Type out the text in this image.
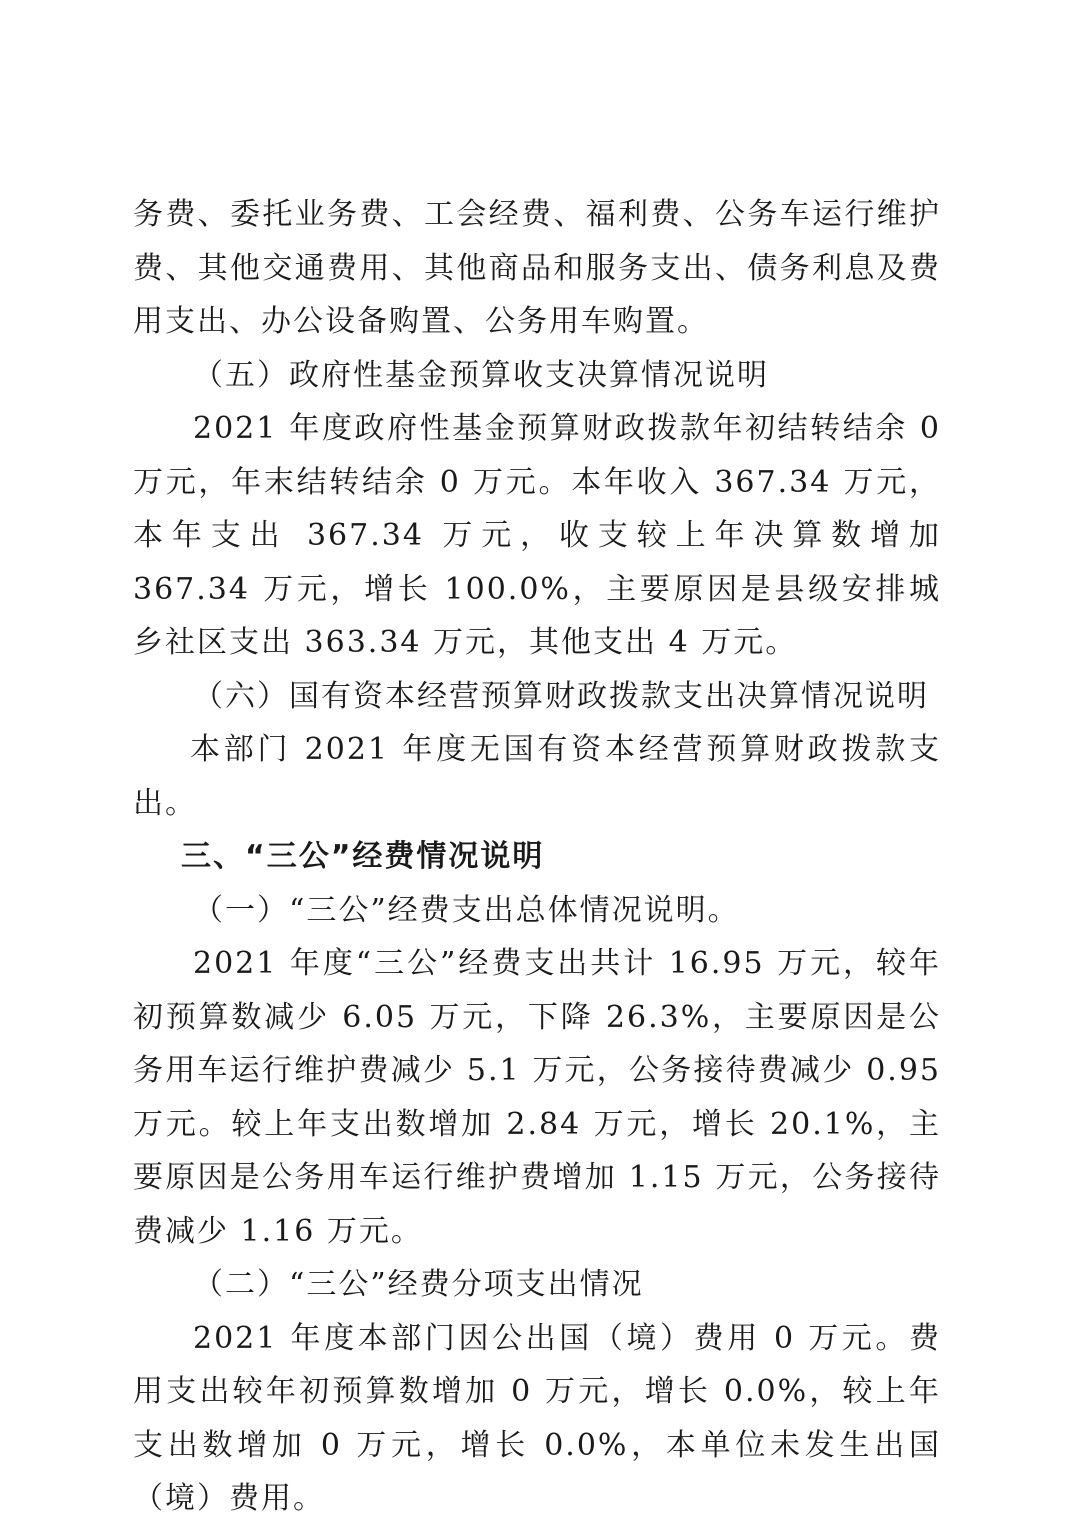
务费、委托业务费、工会经费、福利费、公务车运行维护费、其他交通费用、其他商品和服务支出、债务利息及费用支出、办公设备购置、公务用车购置。

（五）政府性基金预算收支决算情况说明

2021 年度政府性基金预算财政拨款年初结转结余 0 万元，年末结转结余 0 万元。本年收入 367.34 万元，本年支出 367.34 万元，收支较上年决算数增加 367.34 万元，增长 100.0%，主要原因是县级安排城乡社区支出 363.34 万元，其他支出 4 万元。

（六）国有资本经营预算财政拨款支出决算情况说明

本部门 2021 年度无国有资本经营预算财政拨款支出。

三、“三公”经费情况说明

（一）“三公”经费支出总体情况说明。

2021 年度“三公”经费支出共计 16.95 万元，较年初预算数减少 6.05 万元，下降 26.3%，主要原因是公务用车运行维护费减少 5.1 万元，公务接待费减少 0.95 万元。较上年支出数增加 2.84 万元，增长 20.1%，主要原因是公务用车运行维护费增加 1.15 万元，公务接待费减少 1.16 万元。

（二）“三公”经费分项支出情况

2021 年度本部门因公出国（境）费用 0 万元。费用支出较年初预算数增加 0 万元，增长 0.0%，较上年支出数增加 0 万元，增长 0.0%，本单位未发生出国（境）费用。
